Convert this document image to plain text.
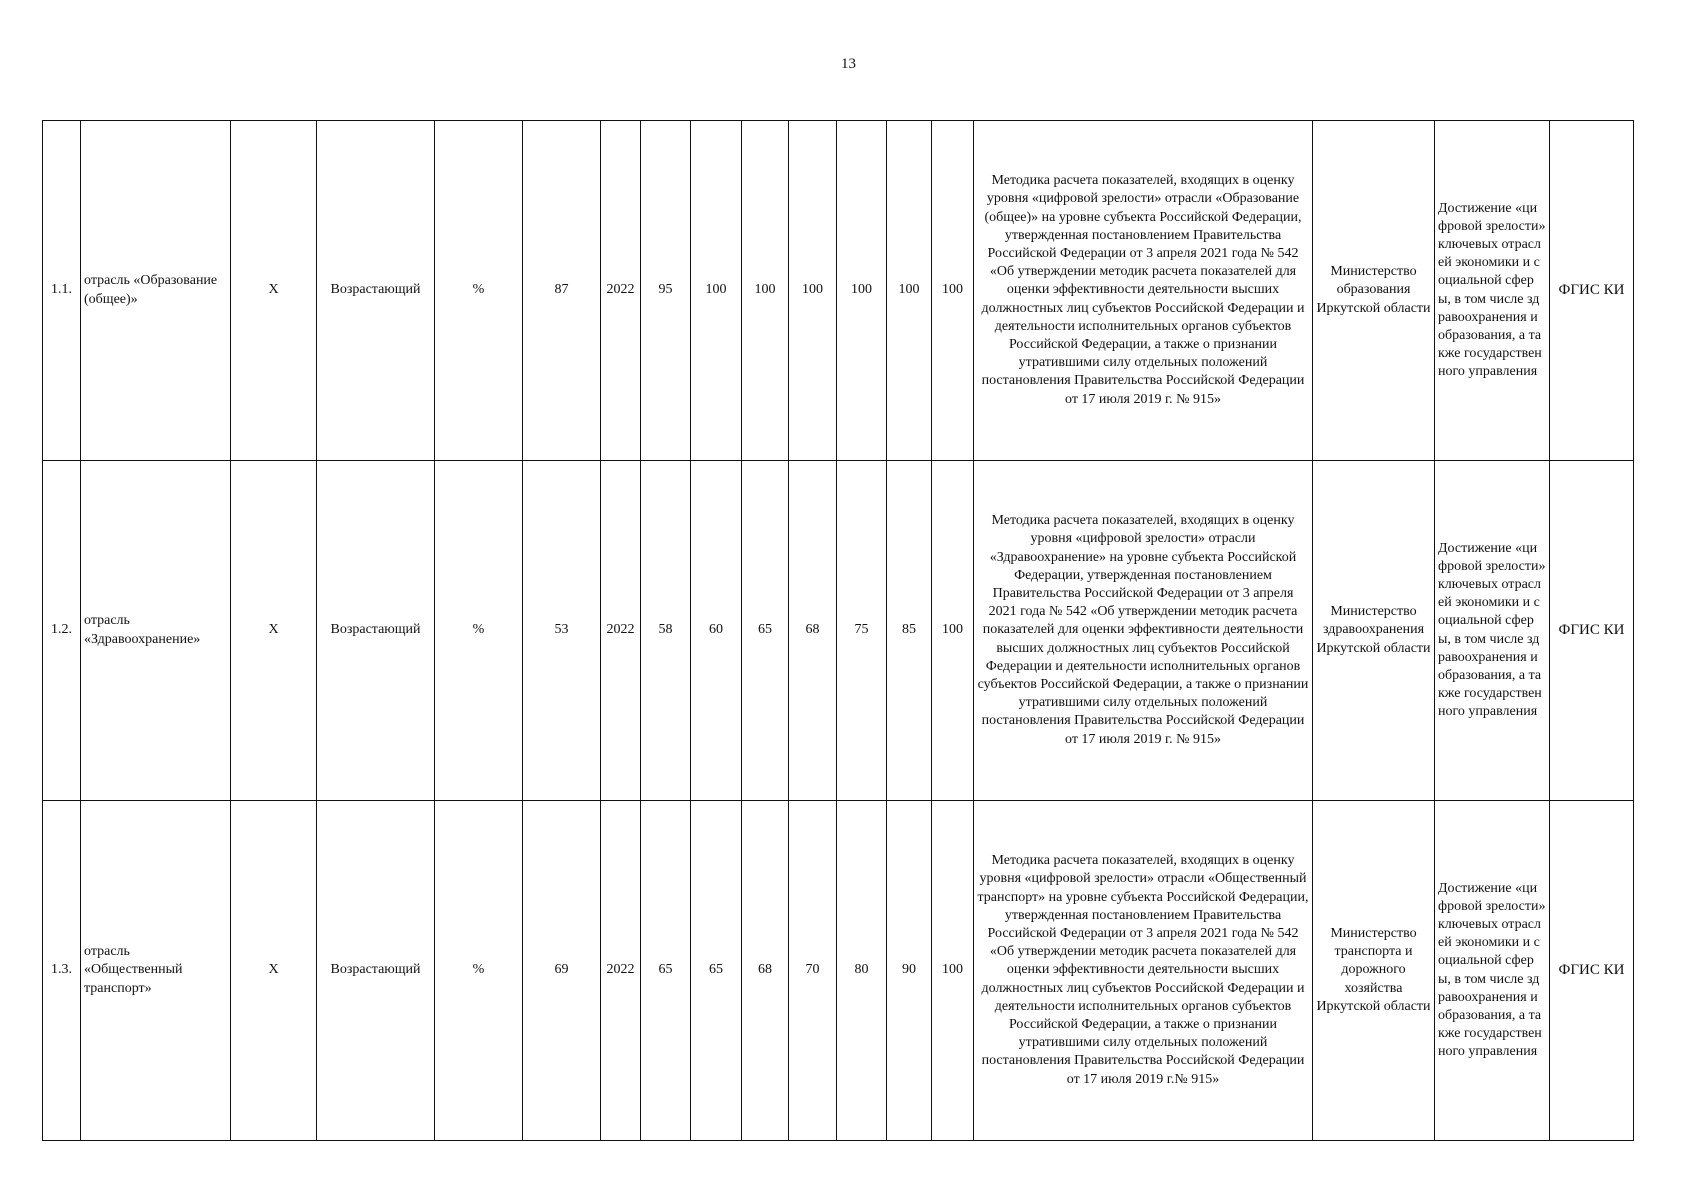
13
1.1.	отрасль «Образование (общее)»	Х	Возрастающий	%	87	2022	95	100	100	100	100	100	100	Методика расчета показателей, входящих в оценку уровня «цифровой зрелости» отрасли «Образование (общее)» на уровне субъекта Российской Федерации, утвержденная постановлением Правительства Российской Федерации от 3 апреля 2021 года № 542 «Об утверждении методик расчета показателей для оценки эффективности деятельности высших должностных лиц субъектов Российской Федерации и деятельности исполнительных органов субъектов Российской Федерации, а также о признании утратившими силу отдельных положений постановления Правительства Российской Федерации от 17 июля 2019 г. № 915»	Министерство образования Иркутской области	Достижение «цифровой зрелости» ключевых отраслей экономики и социальной сферы, в том числе здравоохранения и образования, а также государственного управления	ФГИС КИ
1.2.	отрасль «Здравоохранение»	Х	Возрастающий	%	53	2022	58	60	65	68	75	85	100	Методика расчета показателей, входящих в оценку уровня «цифровой зрелости» отрасли «Здравоохранение» на уровне субъекта Российской Федерации, утвержденная постановлением Правительства Российской Федерации от 3 апреля 2021 года № 542 «Об утверждении методик расчета показателей для оценки эффективности деятельности высших должностных лиц субъектов Российской Федерации и деятельности исполнительных органов субъектов Российской Федерации, а также о признании утратившими силу отдельных положений постановления Правительства Российской Федерации от 17 июля 2019 г. № 915»	Министерство здравоохранения Иркутской области	Достижение «цифровой зрелости» ключевых отраслей экономики и социальной сферы, в том числе здравоохранения и образования, а также государственного управления	ФГИС КИ
1.3.	отрасль «Общественный транспорт»	Х	Возрастающий	%	69	2022	65	65	68	70	80	90	100	Методика расчета показателей, входящих в оценку уровня «цифровой зрелости» отрасли «Общественный транспорт» на уровне субъекта Российской Федерации, утвержденная постановлением Правительства Российской Федерации от 3 апреля 2021 года № 542 «Об утверждении методик расчета показателей для оценки эффективности деятельности высших должностных лиц субъектов Российской Федерации и деятельности исполнительных органов субъектов Российской Федерации, а также о признании утратившими силу отдельных положений постановления Правительства Российской Федерации от 17 июля 2019 г.№ 915»	Министерство транспорта и дорожного хозяйства Иркутской области	Достижение «цифровой зрелости» ключевых отраслей экономики и социальной сферы, в том числе здравоохранения и образования, а также государственного управления	ФГИС КИ
